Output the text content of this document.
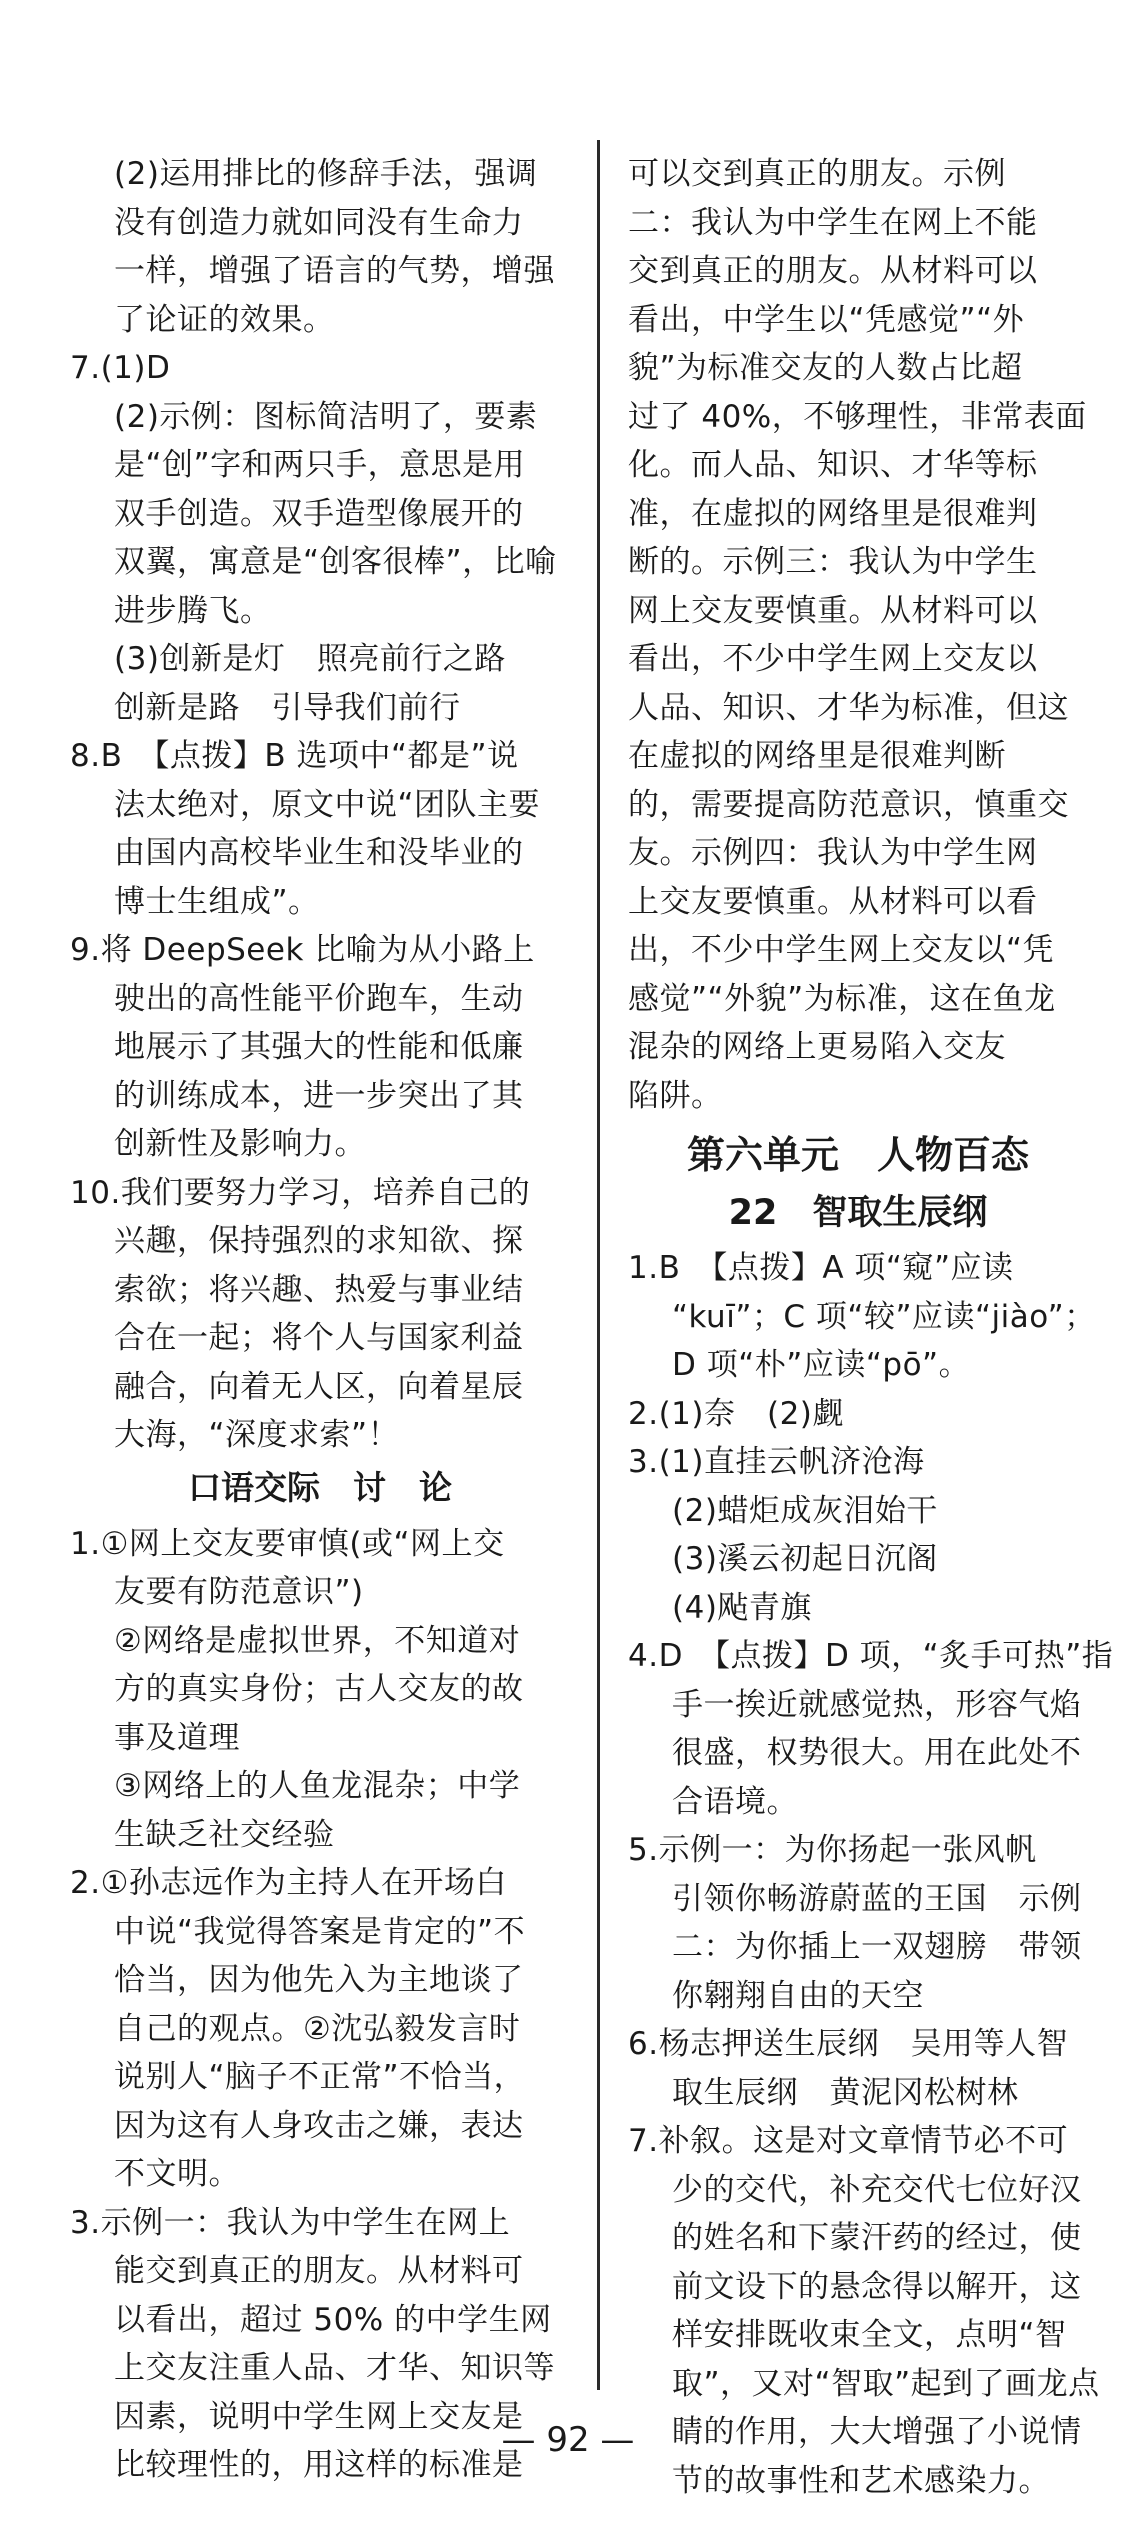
(2)运用排比的修辞手法，强调

没有创造力就如同没有生命力

一样，增强了语言的气势，增强

了论证的效果。

7.(1)D

(2)示例：图标简洁明了，要素

是“创”字和两只手，意思是用

双手创造。双手造型像展开的

双翼，寓意是“创客很棒”，比喻

进步腾飞。

(3)创新是灯　照亮前行之路

创新是路　引导我们前行

8.B　【点拨】B 选项中“都是”说

法太绝对，原文中说“团队主要

由国内高校毕业生和没毕业的

博士生组成”。

9.将 DeepSeek 比喻为从小路上

驶出的高性能平价跑车，生动

地展示了其强大的性能和低廉

的训练成本，进一步突出了其

创新性及影响力。

10.我们要努力学习，培养自己的

兴趣，保持强烈的求知欲、探

索欲；将兴趣、热爱与事业结

合在一起；将个人与国家利益

融合，向着无人区，向着星辰

大海，“深度求索”！

口语交际　讨　论

1.①网上交友要审慎(或“网上交

友要有防范意识”)

②网络是虚拟世界，不知道对

方的真实身份；古人交友的故

事及道理

③网络上的人鱼龙混杂；中学

生缺乏社交经验

2.①孙志远作为主持人在开场白

中说“我觉得答案是肯定的”不

恰当，因为他先入为主地谈了

自己的观点。②沈弘毅发言时

说别人“脑子不正常”不恰当，

因为这有人身攻击之嫌，表达

不文明。

3.示例一：我认为中学生在网上

能交到真正的朋友。从材料可

以看出，超过 50% 的中学生网

上交友注重人品、才华、知识等

因素，说明中学生网上交友是

比较理性的，用这样的标准是

可以交到真正的朋友。示例

二：我认为中学生在网上不能

交到真正的朋友。从材料可以

看出，中学生以“凭感觉”“外

貌”为标准交友的人数占比超

过了 40%，不够理性，非常表面

化。而人品、知识、才华等标

准，在虚拟的网络里是很难判

断的。示例三：我认为中学生

网上交友要慎重。从材料可以

看出，不少中学生网上交友以

人品、知识、才华为标准，但这

在虚拟的网络里是很难判断

的，需要提高防范意识，慎重交

友。示例四：我认为中学生网

上交友要慎重。从材料可以看

出，不少中学生网上交友以“凭

感觉”“外貌”为标准，这在鱼龙

混杂的网络上更易陷入交友

陷阱。

第六单元　人物百态

22　智取生辰纲

1.B　【点拨】A 项“窥”应读

“kuī”；C 项“较”应读“jiào”；

D 项“朴”应读“pō”。

2.(1)奈　(2)觑

3.(1)直挂云帆济沧海

(2)蜡炬成灰泪始干

(3)溪云初起日沉阁

(4)飐青旗

4.D　【点拨】D 项，“炙手可热”指

手一挨近就感觉热，形容气焰

很盛，权势很大。用在此处不

合语境。

5.示例一：为你扬起一张风帆

引领你畅游蔚蓝的王国　示例

二：为你插上一双翅膀　带领

你翱翔自由的天空

6.杨志押送生辰纲　吴用等人智

取生辰纲　黄泥冈松树林

7.补叙。这是对文章情节必不可

少的交代，补充交代七位好汉

的姓名和下蒙汗药的经过，使

前文设下的悬念得以解开，这

样安排既收束全文，点明“智

取”，又对“智取”起到了画龙点

睛的作用，大大增强了小说情

节的故事性和艺术感染力。

— 92 —
